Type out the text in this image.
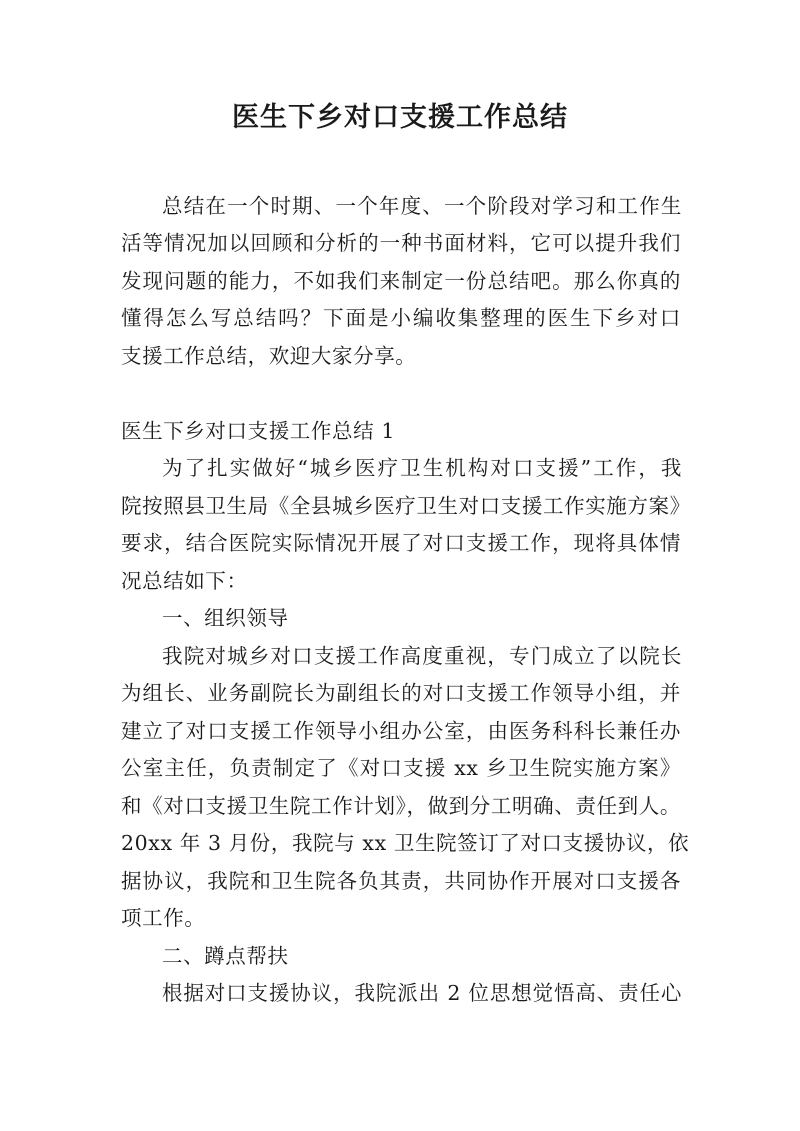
医生下乡对口支援工作总结

总结在一个时期、一个年度、一个阶段对学习和工作生

活等情况加以回顾和分析的一种书面材料，它可以提升我们

发现问题的能力，不如我们来制定一份总结吧。那么你真的

懂得怎么写总结吗？下面是小编收集整理的医生下乡对口

支援工作总结，欢迎大家分享。

医生下乡对口支援工作总结 1

为了扎实做好“城乡医疗卫生机构对口支援”工作，我

院按照县卫生局《全县城乡医疗卫生对口支援工作实施方案》

要求，结合医院实际情况开展了对口支援工作，现将具体情

况总结如下：

一、组织领导

我院对城乡对口支援工作高度重视，专门成立了以院长

为组长、业务副院长为副组长的对口支援工作领导小组，并

建立了对口支援工作领导小组办公室，由医务科科长兼任办

公室主任，负责制定了《对口支援 xx 乡卫生院实施方案》

和《对口支援卫生院工作计划》，做到分工明确、责任到人。

20xx 年 3 月份，我院与 xx 卫生院签订了对口支援协议，依

据协议，我院和卫生院各负其责，共同协作开展对口支援各

项工作。

二、蹲点帮扶

根据对口支援协议，我院派出 2 位思想觉悟高、责任心
